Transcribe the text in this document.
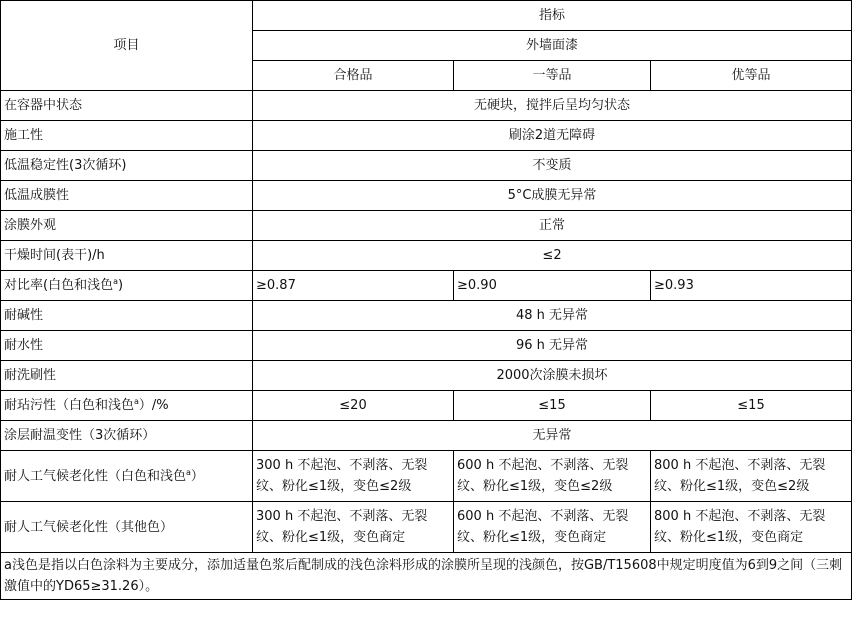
项目	指标		
	外墙面漆		
	合格品	一等品	优等品
在容器中状态	无硬块，搅拌后呈均匀状态		
施工性	刷涂2道无障碍		
低温稳定性(3次循环)	不变质		
低温成膜性	5°C成膜无异常		
涂膜外观	正常		
干燥时间(表干)/h	≤2		
对比率(白色和浅色$^a$)	≥0.87	≥0.90	≥0.93
耐碱性	48 h 无异常		
耐水性	96 h 无异常		
耐洗刷性	2000次涂膜未损坏		
耐玷污性（白色和浅色$^a$）/%	≤20	≤15	≤15
涂层耐温变性（3次循环）	无异常		
耐人工气候老化性（白色和浅色$^a$）	300 h 不起泡、不剥落、无裂纹、粉化≤1级，变色≤2级	600 h 不起泡、不剥落、无裂纹、粉化≤1级，变色≤2级	800 h 不起泡、不剥落、无裂纹、粉化≤1级，变色≤2级
耐人工气候老化性（其他色）	300 h 不起泡、不剥落、无裂纹、粉化≤1级，变色商定	600 h 不起泡、不剥落、无裂纹、粉化≤1级，变色商定	800 h 不起泡、不剥落、无裂纹、粉化≤1级，变色商定
a浅色是指以白色涂料为主要成分，添加适量色浆后配制成的浅色涂料形成的涂膜所呈现的浅颜色，按GB/T15608中规定明度值为6到9之间（三刺激值中的YD65≥31.26）。			
